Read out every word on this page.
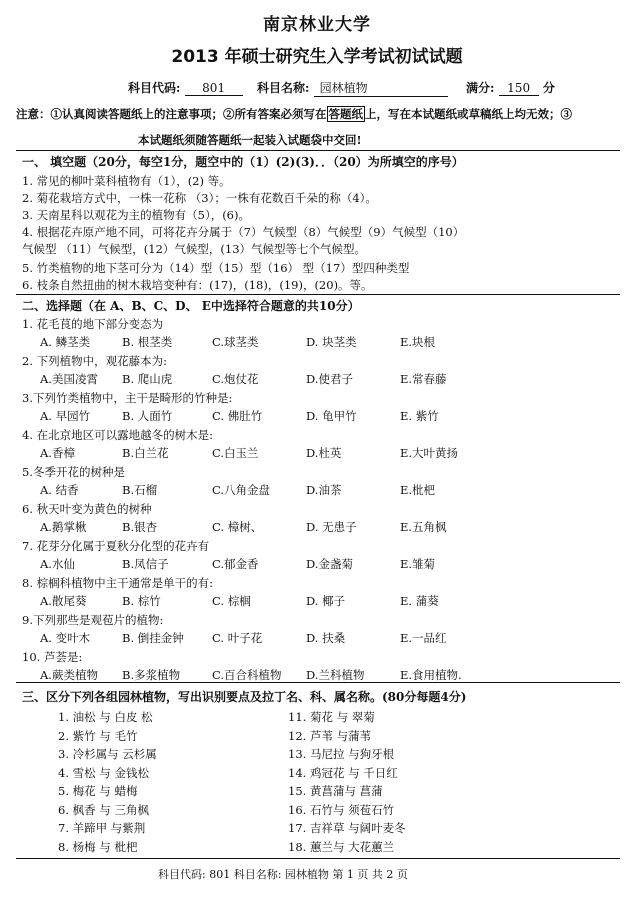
南京林业大学
2013 年硕士研究生入学考试初试试题
科目代码: 801	科目名称: 园林植物	满分: 150 分
注意：①认真阅读答题纸上的注意事项；②所有答案必须写在 答题纸 上，写在本试题纸或草稿纸上均无效；③
本试题纸须随答题纸一起装入试题袋中交回!
一、 填空题（20分，每空1分，题空中的（1）(2)(3)．．（20）为所填空的序号）
1. 常见的柳叶菜科植物有（1），(2) 等。
2. 菊花栽培方式中，一株一花称 （3）；一株有花数百千朵的称（4）。
3. 天南星科以观花为主的植物有（5），(6)。
4. 根据花卉原产地不同，可将花卉分属于（7）气候型（8）气候型（9）气候型（10）
气候型 （11）气候型，(12）气候型，(13）气候型等七个气候型。
5. 竹类植物的地下茎可分为（14）型（15）型（16） 型（17）型四种类型
6. 枝条自然扭曲的树木栽培变种有：(17)，(18)，(19)，(20)。等。
二、选择题（在 A、B、C、D、 E中选择符合题意的共10分）
1. 花毛茛的地下部分变态为
A. 鳞茎类	B. 根茎类	C.球茎类	D. 块茎类	E.块根
2. 下列植物中，观花藤本为:
A.美国凌霄 B. 爬山虎	C.炮仗花	D.使君子	E.常春藤
3.下列竹类植物中，主干是畸形的竹种是:
A. 早园竹	B. 人面竹	C. 佛肚竹	D. 龟甲竹	E. 紫竹
4. 在北京地区可以露地越冬的树木是:
A.香樟	B.白兰花	C.白玉兰	D.杜英	E.大叶黄扬
5.冬季开花的树种是
A. 结香	B.石榴	C.八角金盘	D.油茶	E.枇杷
6. 秋天叶变为黄色的树种
A.鹅掌楸	B.银杏	C. 樟树、	D. 无患子	E.五角枫
7. 花芽分化属于夏秋分化型的花卉有
A.水仙	B.凤信子	C.郁金香	D.金盏菊	E.雏菊
8. 棕榈科植物中主干通常是单干的有:
A.散尾葵	B. 棕竹	C. 棕榈	D. 椰子	E. 蒲葵
9.下列那些是观苞片的植物:
A. 变叶木	B. 倒挂金钟 C. 叶子花	D. 扶桑	E.一品红
10. 芦荟是:
A.蕨类植物 B.多浆植物	C.百合科植物 D.兰科植物	E.食用植物.
三、区分下列各组园林植物，写出识别要点及拉丁名、科、属名称。(80分每题4分)
1. 油松 与 白皮 松
2. 紫竹 与 毛竹
3. 冷杉属与 云杉属
4. 雪松 与 金钱松
5. 梅花 与 蜡梅
6. 枫香 与 三角枫
7. 羊蹄甲 与紫荆
8. 杨梅 与 枇杷
11. 菊花 与 翠菊
12. 芦苇 与蒲苇
13. 马尼拉 与狗牙根
14. 鸡冠花 与 千日红
15. 黄菖蒲与 菖蒲
16. 石竹与 须苞石竹
17. 吉祥草 与阔叶麦冬
18. 蕙兰与 大花蕙兰
科目代码: 801 科目名称: 园林植物 第 1 页 共 2 页
